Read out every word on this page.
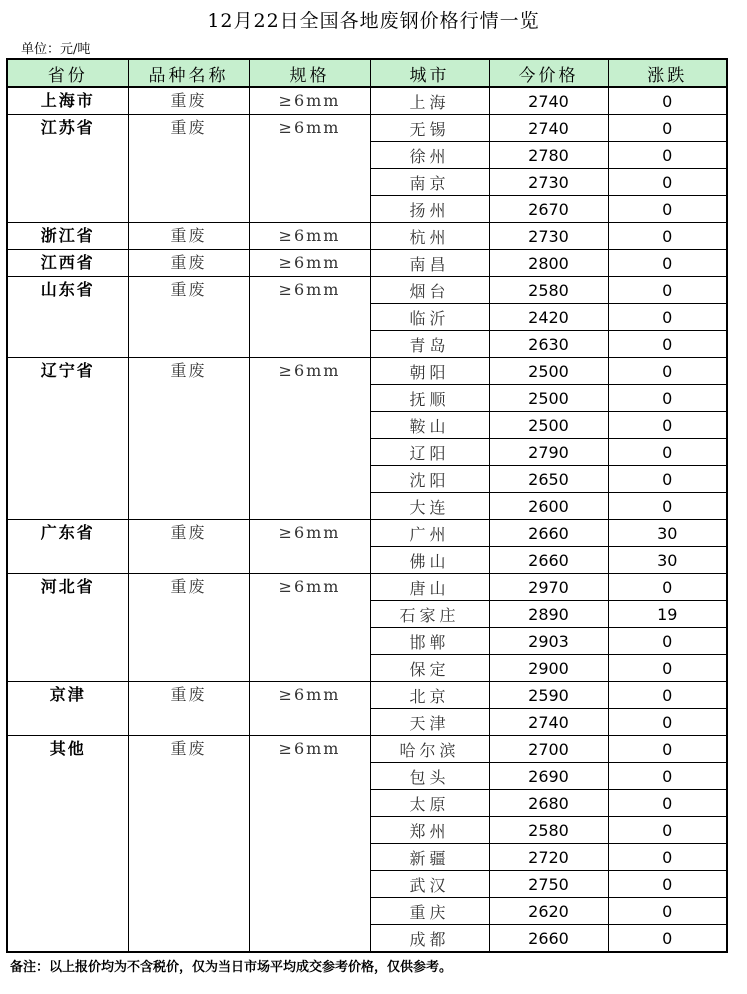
12月22日全国各地废钢价格行情一览
单位：元/吨
省份	品种名称	规格	城市	今价格	涨跌
上海市	重废	≥6mm	上海	2740	0
江苏省	重废	≥6mm	无锡	2740	0
			徐州	2780	0
			南京	2730	0
			扬州	2670	0
浙江省	重废	≥6mm	杭州	2730	0
江西省	重废	≥6mm	南昌	2800	0
山东省	重废	≥6mm	烟台	2580	0
			临沂	2420	0
			青岛	2630	0
辽宁省	重废	≥6mm	朝阳	2500	0
			抚顺	2500	0
			鞍山	2500	0
			辽阳	2790	0
			沈阳	2650	0
			大连	2600	0
广东省	重废	≥6mm	广州	2660	30
			佛山	2660	30
河北省	重废	≥6mm	唐山	2970	0
			石家庄	2890	19
			邯郸	2903	0
			保定	2900	0
京津	重废	≥6mm	北京	2590	0
			天津	2740	0
其他	重废	≥6mm	哈尔滨	2700	0
			包头	2690	0
			太原	2680	0
			郑州	2580	0
			新疆	2720	0
			武汉	2750	0
			重庆	2620	0
			成都	2660	0
备注：以上报价均为不含税价，仅为当日市场平均成交参考价格，仅供参考。
